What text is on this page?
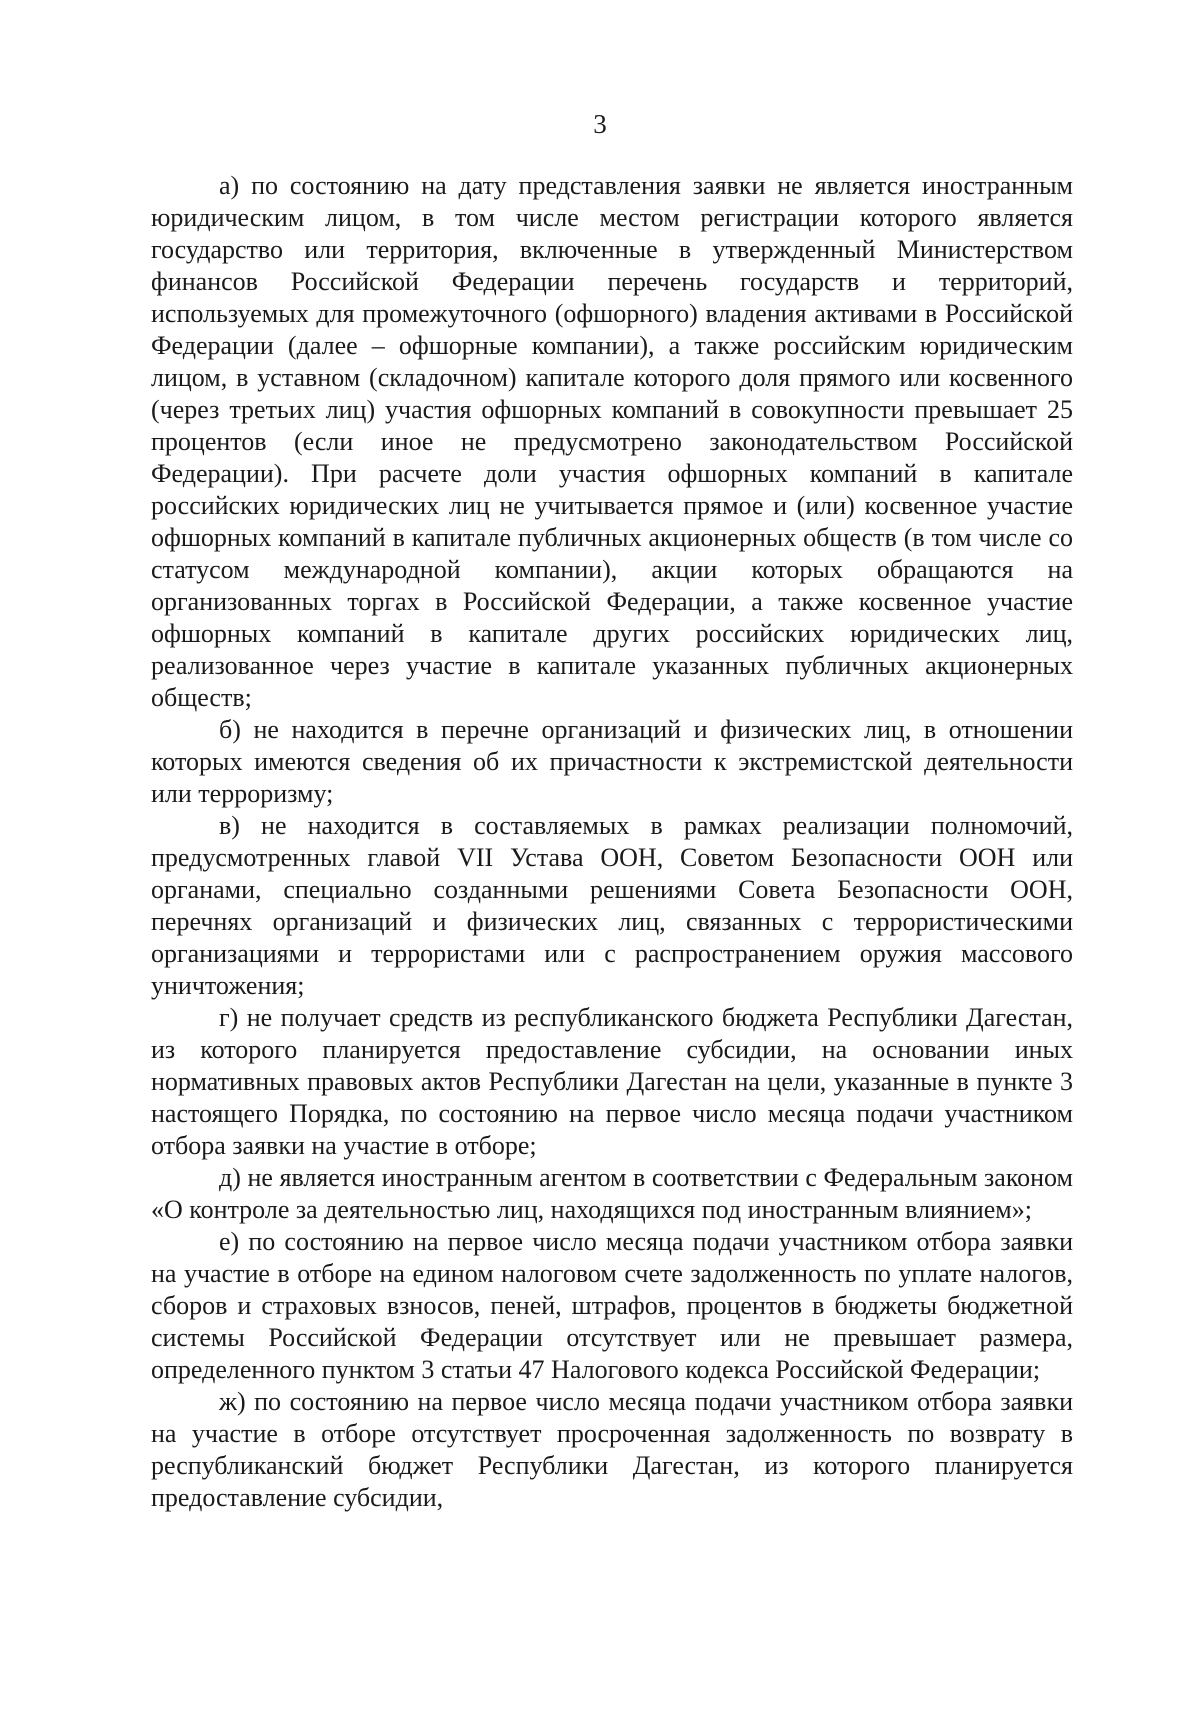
3

а) по состоянию на дату представления заявки не является иностранным юридическим лицом, в том числе местом регистрации которого является государство или территория, включенные в утвержденный Министерством финансов Российской Федерации перечень государств и территорий, используемых для промежуточного (офшорного) владения активами в Российской Федерации (далее – офшорные компании), а также российским юридическим лицом, в уставном (складочном) капитале которого доля прямого или косвенного (через третьих лиц) участия офшорных компаний в совокупности превышает 25 процентов (если иное не предусмотрено законодательством Российской Федерации). При расчете доли участия офшорных компаний в капитале российских юридических лиц не учитывается прямое и (или) косвенное участие офшорных компаний в капитале публичных акционерных обществ (в том числе со статусом международной компании), акции которых обращаются на организованных торгах в Российской Федерации, а также косвенное участие офшорных компаний в капитале других российских юридических лиц, реализованное через участие в капитале указанных публичных акционерных обществ;

б) не находится в перечне организаций и физических лиц, в отношении которых имеются сведения об их причастности к экстремистской деятельности или терроризму;

в) не находится в составляемых в рамках реализации полномочий, предусмотренных главой VII Устава ООН, Советом Безопасности ООН или органами, специально созданными решениями Совета Безопасности ООН, перечнях организаций и физических лиц, связанных с террористическими организациями и террористами или с распространением оружия массового уничтожения;

г) не получает средств из республиканского бюджета Республики Дагестан, из которого планируется предоставление субсидии, на основании иных нормативных правовых актов Республики Дагестан на цели, указанные в пункте 3 настоящего Порядка, по состоянию на первое число месяца подачи участником отбора заявки на участие в отборе;

д) не является иностранным агентом в соответствии с Федеральным законом «О контроле за деятельностью лиц, находящихся под иностранным влиянием»;

е) по состоянию на первое число месяца подачи участником отбора заявки на участие в отборе на едином налоговом счете задолженность по уплате налогов, сборов и страховых взносов, пеней, штрафов, процентов в бюджеты бюджетной системы Российской Федерации отсутствует или не превышает размера, определенного пунктом 3 статьи 47 Налогового кодекса Российской Федерации;

ж) по состоянию на первое число месяца подачи участником отбора заявки на участие в отборе отсутствует просроченная задолженность по возврату в республиканский бюджет Республики Дагестан, из которого планируется предоставление субсидии,
